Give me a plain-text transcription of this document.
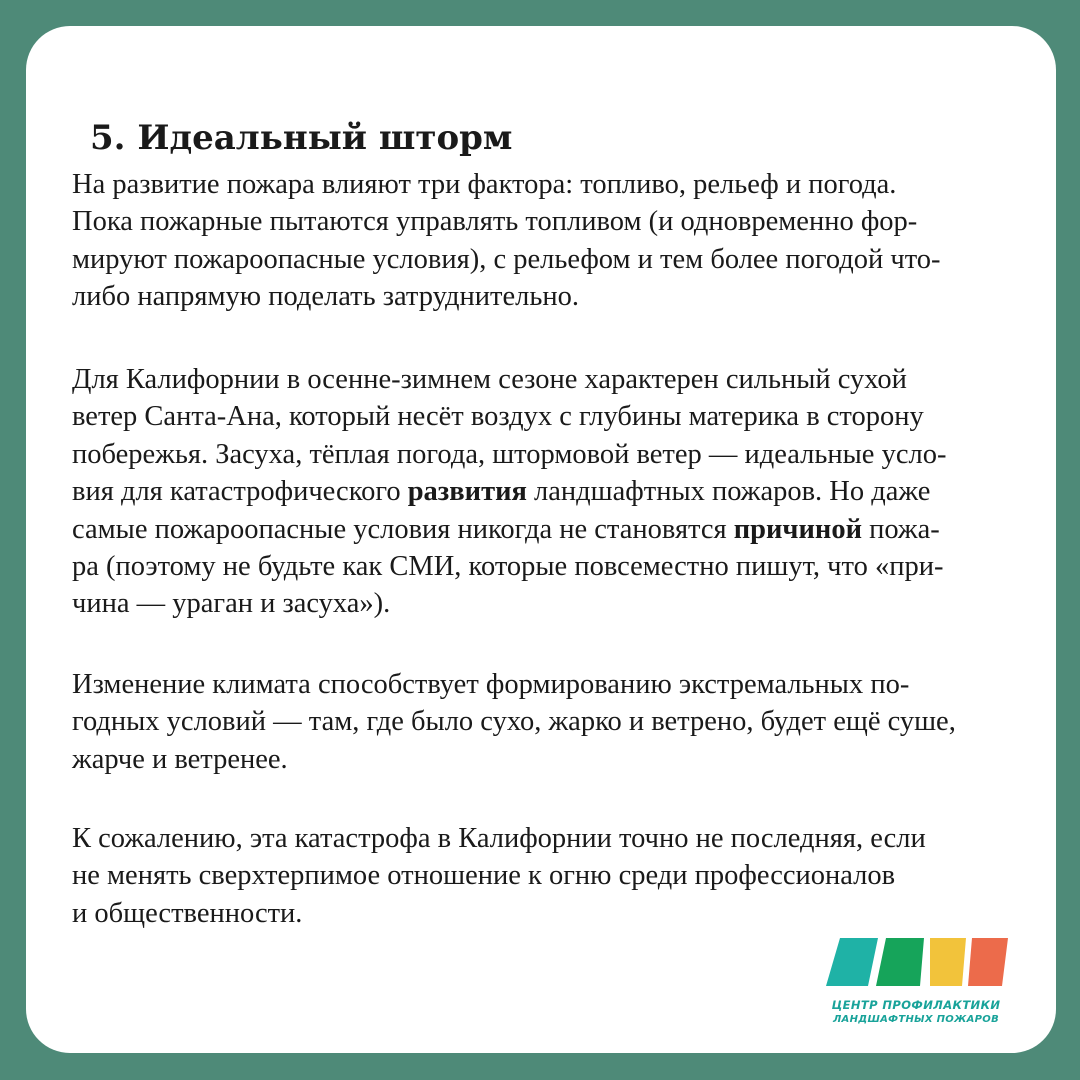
5. Идеальный шторм

На развитие пожара влияют три фактора: топливо, рельеф и погода.
Пока пожарные пытаются управлять топливом (и одновременно фор-
мируют пожароопасные условия), с рельефом и тем более погодой что-
либо напрямую поделать затруднительно.

Для Калифорнии в осенне-зимнем сезоне характерен сильный сухой
ветер Санта-Ана, который несёт воздух с глубины материка в сторону
побережья. Засуха, тёплая погода, штормовой ветер — идеальные усло-
вия для катастрофического развития ландшафтных пожаров. Но даже
самые пожароопасные условия никогда не становятся причиной пожа-
ра (поэтому не будьте как СМИ, которые повсеместно пишут, что «при-
чина — ураган и засуха»).

Изменение климата способствует формированию экстремальных по-
годных условий — там, где было сухо, жарко и ветрено, будет ещё суше,
жарче и ветренее.

К сожалению, эта катастрофа в Калифорнии точно не последняя, если
не менять сверхтерпимое отношение к огню среди профессионалов
и общественности.

ЦЕНТР ПРОФИЛАКТИКИ
ЛАНДШАФТНЫХ ПОЖАРОВ
